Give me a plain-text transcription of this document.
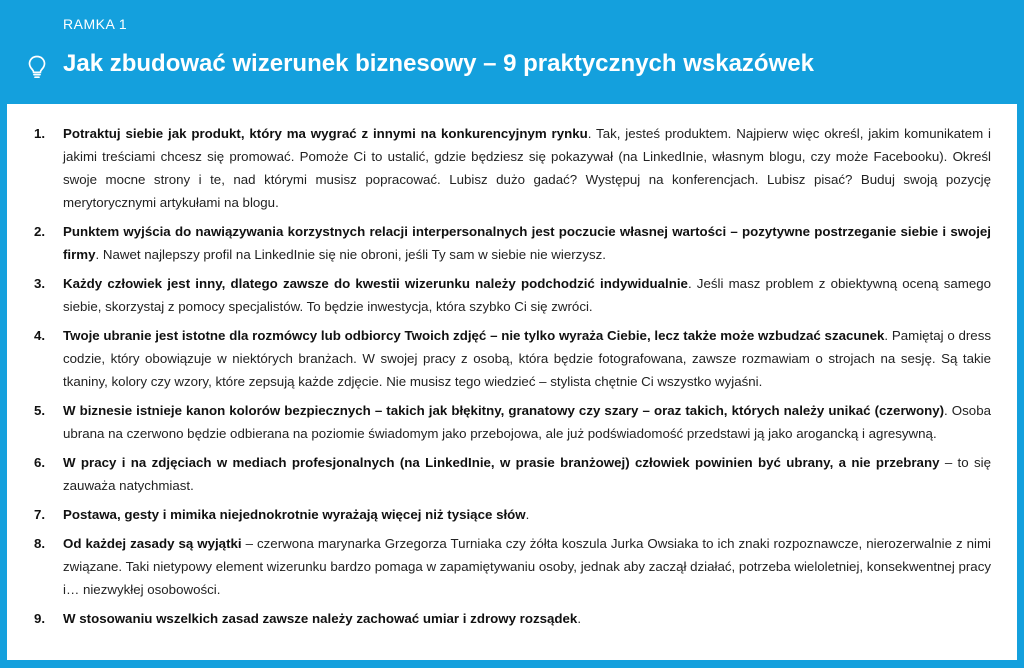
RAMKA 1
Jak zbudować wizerunek biznesowy – 9 praktycznych wskazówek
1. Potraktuj siebie jak produkt, który ma wygrać z innymi na konkurencyjnym rynku. Tak, jesteś produktem. Najpierw więc określ, jakim komunikatem i jakimi treściami chcesz się promować. Pomoże Ci to ustalić, gdzie będziesz się pokazywał (na LinkedInie, własnym blogu, czy może Facebooku). Określ swoje mocne strony i te, nad którymi musisz popracować. Lubisz dużo gadać? Występuj na konferencjach. Lubisz pisać? Buduj swoją pozycję merytorycznymi artykułami na blogu.
2. Punktem wyjścia do nawiązywania korzystnych relacji interpersonalnych jest poczucie własnej wartości – pozytywne postrzeganie siebie i swojej firmy. Nawet najlepszy profil na LinkedInie się nie obroni, jeśli Ty sam w siebie nie wierzysz.
3. Każdy człowiek jest inny, dlatego zawsze do kwestii wizerunku należy podchodzić indywidualnie. Jeśli masz problem z obiektywną oceną samego siebie, skorzystaj z pomocy specjalistów. To będzie inwestycja, która szybko Ci się zwróci.
4. Twoje ubranie jest istotne dla rozmówcy lub odbiorcy Twoich zdjęć – nie tylko wyraża Ciebie, lecz także może wzbudzać szacunek. Pamiętaj o dress codzie, który obowiązuje w niektórych branżach. W swojej pracy z osobą, która będzie fotografowana, zawsze rozmawiam o strojach na sesję. Są takie tkaniny, kolory czy wzory, które zepsują każde zdjęcie. Nie musisz tego wiedzieć – stylista chętnie Ci wszystko wyjaśni.
5. W biznesie istnieje kanon kolorów bezpiecznych – takich jak błękitny, granatowy czy szary – oraz takich, których należy unikać (czerwony). Osoba ubrana na czerwono będzie odbierana na poziomie świadomym jako przebojowa, ale już podświadomość przedstawi ją jako arogancką i agresywną.
6. W pracy i na zdjęciach w mediach profesjonalnych (na LinkedInie, w prasie branżowej) człowiek powinien być ubrany, a nie przebrany – to się zauważa natychmiast.
7. Postawa, gesty i mimika niejednokrotnie wyrażają więcej niż tysiące słów.
8. Od każdej zasady są wyjątki – czerwona marynarka Grzegorza Turniaka czy żółta koszula Jurka Owsiaka to ich znaki rozpoznawcze, nierozerwalnie z nimi związane. Taki nietypowy element wizerunku bardzo pomaga w zapamiętywaniu osoby, jednak aby zaczął działać, potrzeba wieloletniej, konsekwentnej pracy i… niezwykłej osobowości.
9. W stosowaniu wszelkich zasad zawsze należy zachować umiar i zdrowy rozsądek.
